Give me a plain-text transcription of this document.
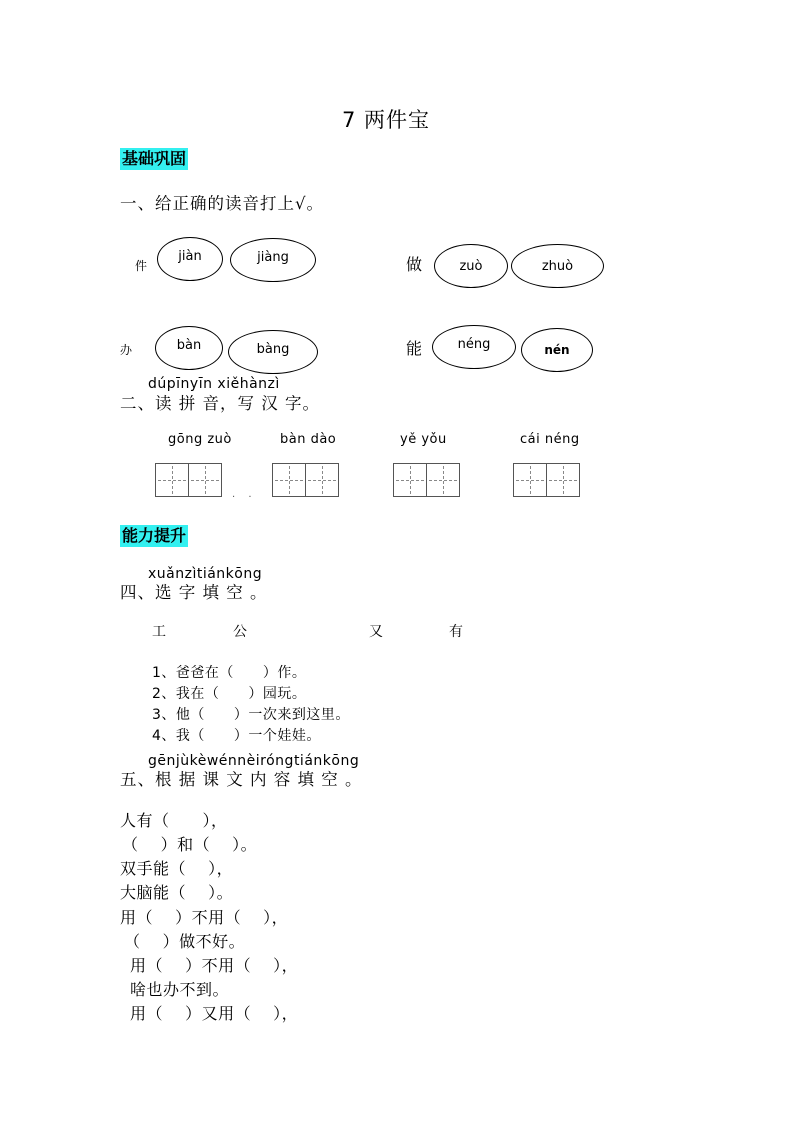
7 两件宝
基础巩固
一、给正确的读音打上√。
件
jiàn	jiàng	做	zuò	zhuò
办	bàn	bàng	能	néng	nén
dúpīnyīn xiěhànzì
二、读 拼 音，写 汉 字。
gōng zuò	bàn dào	yě yǒu	cái néng
· ·
能力提升
xuǎnzìtiánkōng
四、选 字 填 空 。
工	公	又	有
1、爸爸在（　　）作。
2、我在（　　）园玩。
3、他（　　）一次来到这里。
4、我（　　）一个娃娃。
gēnjùkèwénnèiróngtiánkōng
五、根 据 课 文 内 容 填 空 。
人有（　　），
（　 ）和（　 ）。
双手能（　 ），
大脑能（　 ）。
用（　 ）不用（　 ），
（　 ）做不好。
用（　 ）不用（　 ），
啥也办不到。
用（　 ）又用（　 ），
